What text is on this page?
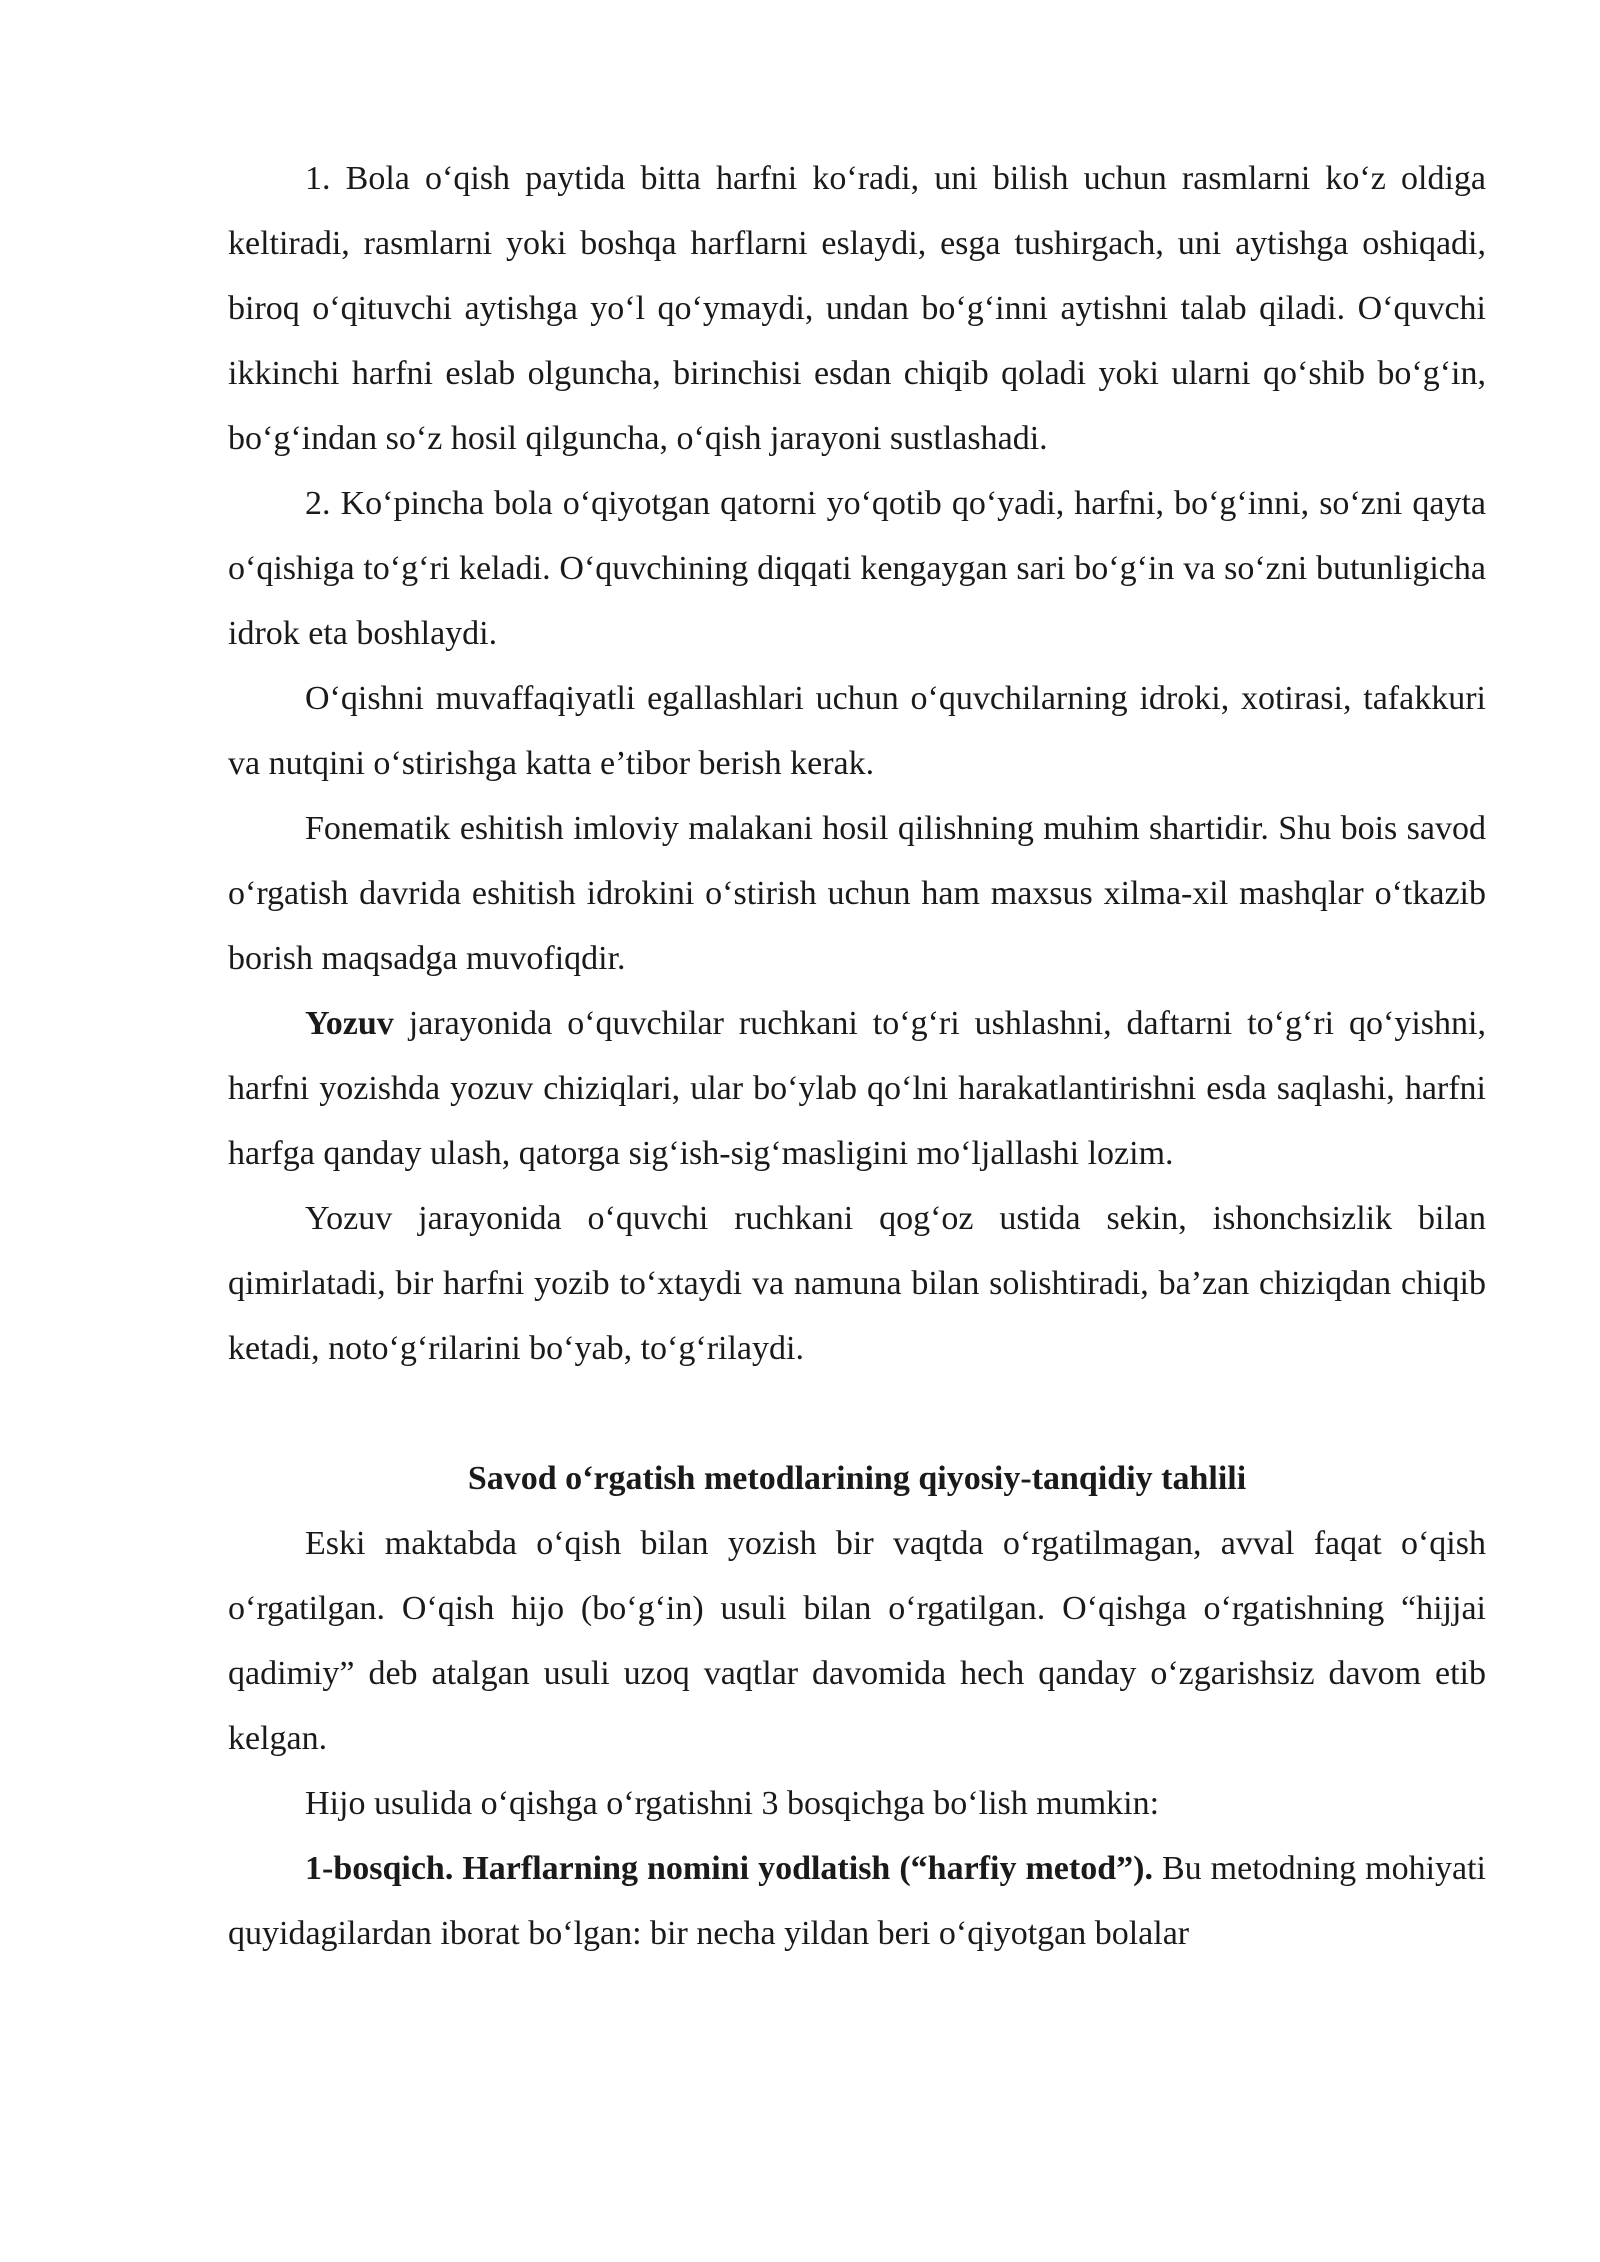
1. Bola o‘qish paytida bitta harfni ko‘radi, uni bilish uchun rasmlarni ko‘z oldiga keltiradi, rasmlarni yoki boshqa harflarni eslaydi, esga tushirgach, uni aytishga oshiqadi, biroq o‘qituvchi aytishga yo‘l qo‘ymaydi, undan bo‘g‘inni aytishni talab qiladi. O‘quvchi ikkinchi harfni eslab olguncha, birinchisi esdan chiqib qoladi yoki ularni qo‘shib bo‘g‘in, bo‘g‘indan so‘z hosil qilguncha, o‘qish jarayoni sustlashadi.

2. Ko‘pincha bola o‘qiyotgan qatorni yo‘qotib qo‘yadi, harfni, bo‘g‘inni, so‘zni qayta o‘qishiga to‘g‘ri keladi. O‘quvchining diqqati kengaygan sari bo‘g‘in va so‘zni butunligicha idrok eta boshlaydi.

O‘qishni muvaffaqiyatli egallashlari uchun o‘quvchilarning idroki, xotirasi, tafakkuri va nutqini o‘stirishga katta e’tibor berish kerak.

Fonematik eshitish imloviy malakani hosil qilishning muhim shartidir. Shu bois savod o‘rgatish davrida eshitish idrokini o‘stirish uchun ham maxsus xilma-xil mashqlar o‘tkazib borish maqsadga muvofiqdir.

Yozuv jarayonida o‘quvchilar ruchkani to‘g‘ri ushlashni, daftarni to‘g‘ri qo‘yishni, harfni yozishda yozuv chiziqlari, ular bo‘ylab qo‘lni harakatlantirishni esda saqlashi, harfni harfga qanday ulash, qatorga sig‘ish-sig‘masligini mo‘ljallashi lozim.

Yozuv jarayonida o‘quvchi ruchkani qog‘oz ustida sekin, ishonchsizlik bilan qimirlatadi, bir harfni yozib to‘xtaydi va namuna bilan solishtiradi, ba’zan chiziqdan chiqib ketadi, noto‘g‘rilarini bo‘yab, to‘g‘rilaydi.

Savod o‘rgatish metodlarining qiyosiy-tanqidiy tahlili

Eski maktabda o‘qish bilan yozish bir vaqtda o‘rgatilmagan, avval faqat o‘qish o‘rgatilgan. O‘qish hijo (bo‘g‘in) usuli bilan o‘rgatilgan. O‘qishga o‘rgatishning “hijjai qadimiy” deb atalgan usuli uzoq vaqtlar davomida hech qanday o‘zgarishsiz davom etib kelgan.

Hijo usulida o‘qishga o‘rgatishni 3 bosqichga bo‘lish mumkin:

1-bosqich. Harflarning nomini yodlatish (“harfiy metod”). Bu metodning mohiyati quyidagilardan iborat bo‘lgan: bir necha yildan beri o‘qiyotgan bolalar
